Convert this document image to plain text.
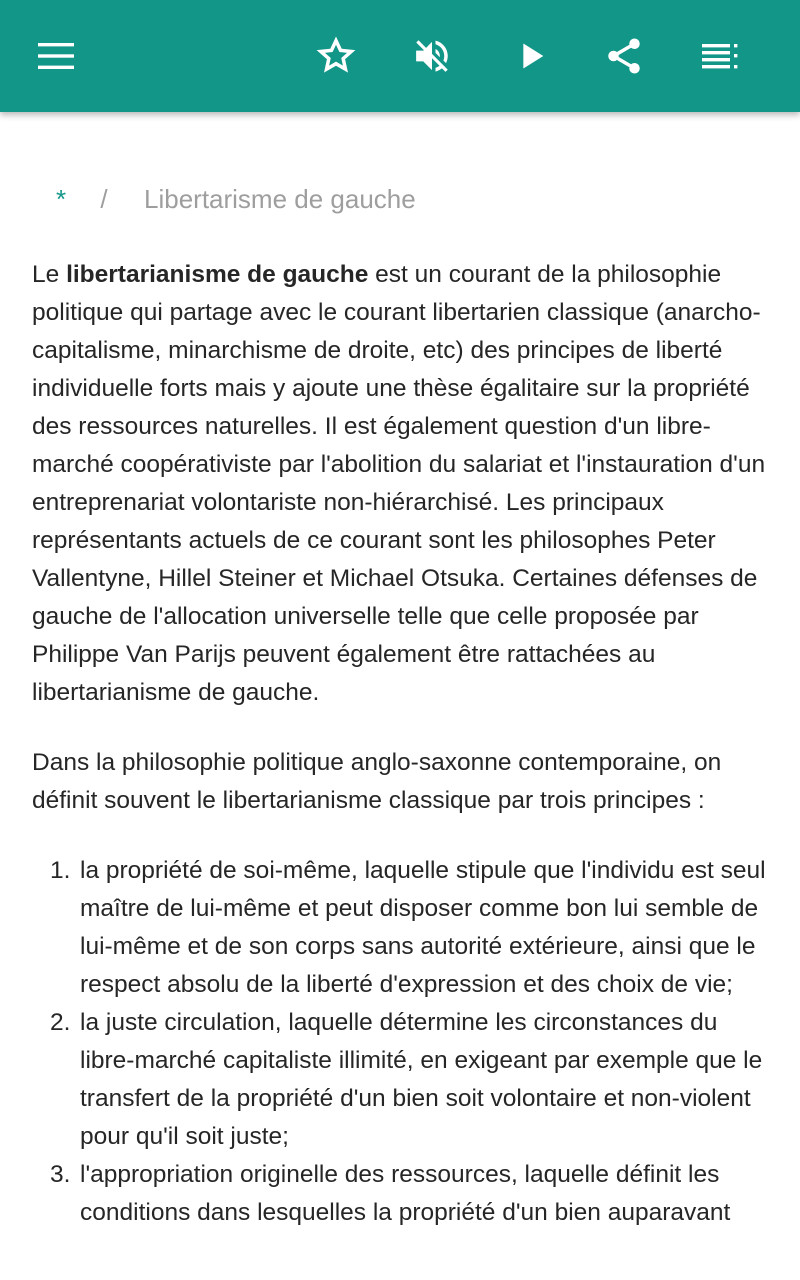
* / Libertarisme de gauche

Le libertarianisme de gauche est un courant de la philosophie politique qui partage avec le courant libertarien classique (anarcho-capitalisme, minarchisme de droite, etc) des principes de liberté individuelle forts mais y ajoute une thèse égalitaire sur la propriété des ressources naturelles. Il est également question d'un libre-marché coopérativiste par l'abolition du salariat et l'instauration d'un entreprenariat volontariste non-hiérarchisé. Les principaux représentants actuels de ce courant sont les philosophes Peter Vallentyne, Hillel Steiner et Michael Otsuka. Certaines défenses de gauche de l'allocation universelle telle que celle proposée par Philippe Van Parijs peuvent également être rattachées au libertarianisme de gauche.

Dans la philosophie politique anglo-saxonne contemporaine, on définit souvent le libertarianisme classique par trois principes :

1. la propriété de soi-même, laquelle stipule que l'individu est seul maître de lui-même et peut disposer comme bon lui semble de lui-même et de son corps sans autorité extérieure, ainsi que le respect absolu de la liberté d'expression et des choix de vie;
2. la juste circulation, laquelle détermine les circonstances du libre-marché capitaliste illimité, en exigeant par exemple que le transfert de la propriété d'un bien soit volontaire et non-violent pour qu'il soit juste;
3. l'appropriation originelle des ressources, laquelle définit les conditions dans lesquelles la propriété d'un bien auparavant
